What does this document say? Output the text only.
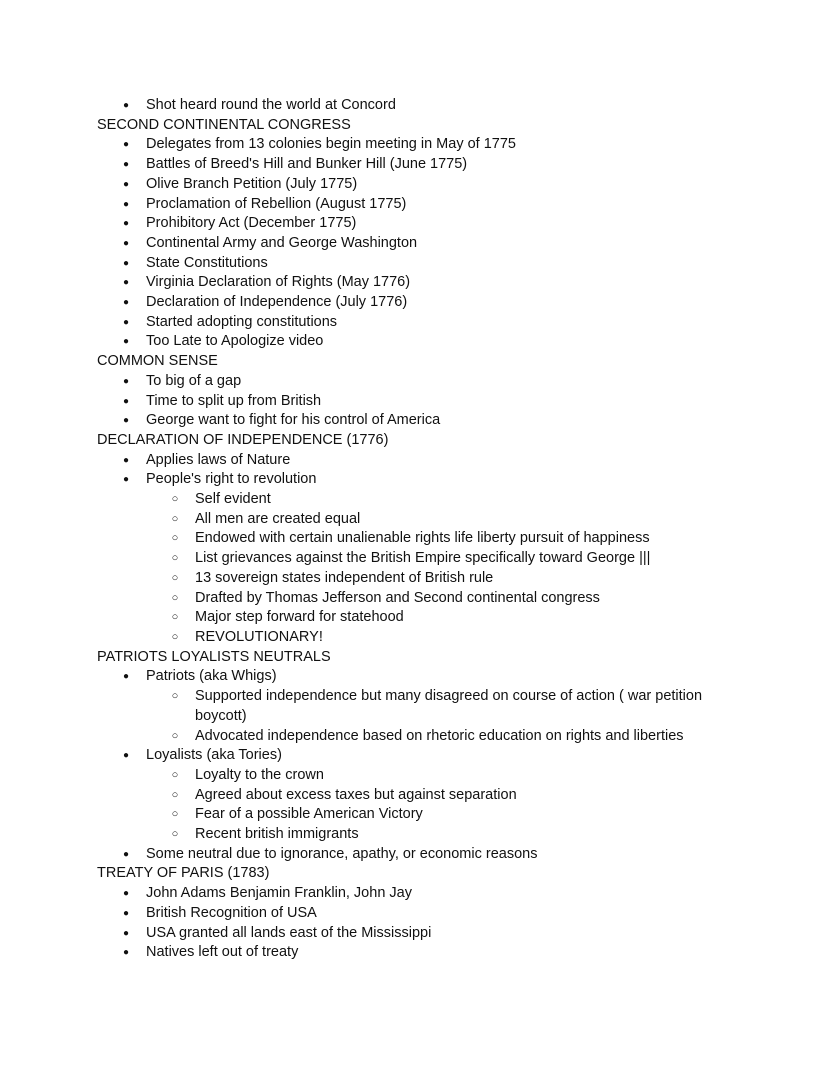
● Shot heard round the world at Concord
SECOND CONTINENTAL CONGRESS
● Delegates from 13 colonies begin meeting in May of 1775
● Battles of Breed's Hill and Bunker Hill (June 1775)
● Olive Branch Petition (July 1775)
● Proclamation of Rebellion (August 1775)
● Prohibitory Act (December 1775)
● Continental Army and George Washington
● State Constitutions
● Virginia Declaration of Rights (May 1776)
● Declaration of Independence (July 1776)
● Started adopting constitutions
● Too Late to Apologize video
COMMON SENSE
● To big of a gap
● Time to split up from British
● George want to fight for his control of America
DECLARATION OF INDEPENDENCE (1776)
● Applies laws of Nature
● People's right to revolution
○ Self evident
○ All men are created equal
○ Endowed with certain unalienable rights life liberty pursuit of happiness
○ List grievances against the British Empire specifically toward George |||
○ 13 sovereign states independent of British rule
○ Drafted by Thomas Jefferson and Second continental congress
○ Major step forward for statehood
○ REVOLUTIONARY!
PATRIOTS LOYALISTS NEUTRALS
● Patriots (aka Whigs)
○ Supported independence but many disagreed on course of action ( war petition boycott)
○ Advocated independence based on rhetoric education on rights and liberties
● Loyalists (aka Tories)
○ Loyalty to the crown
○ Agreed about excess taxes but against separation
○ Fear of a possible American Victory
○ Recent british immigrants
● Some neutral due to ignorance, apathy, or economic reasons
TREATY OF PARIS (1783)
● John Adams Benjamin Franklin, John Jay
● British Recognition of USA
● USA granted all lands east of the Mississippi
● Natives left out of treaty
